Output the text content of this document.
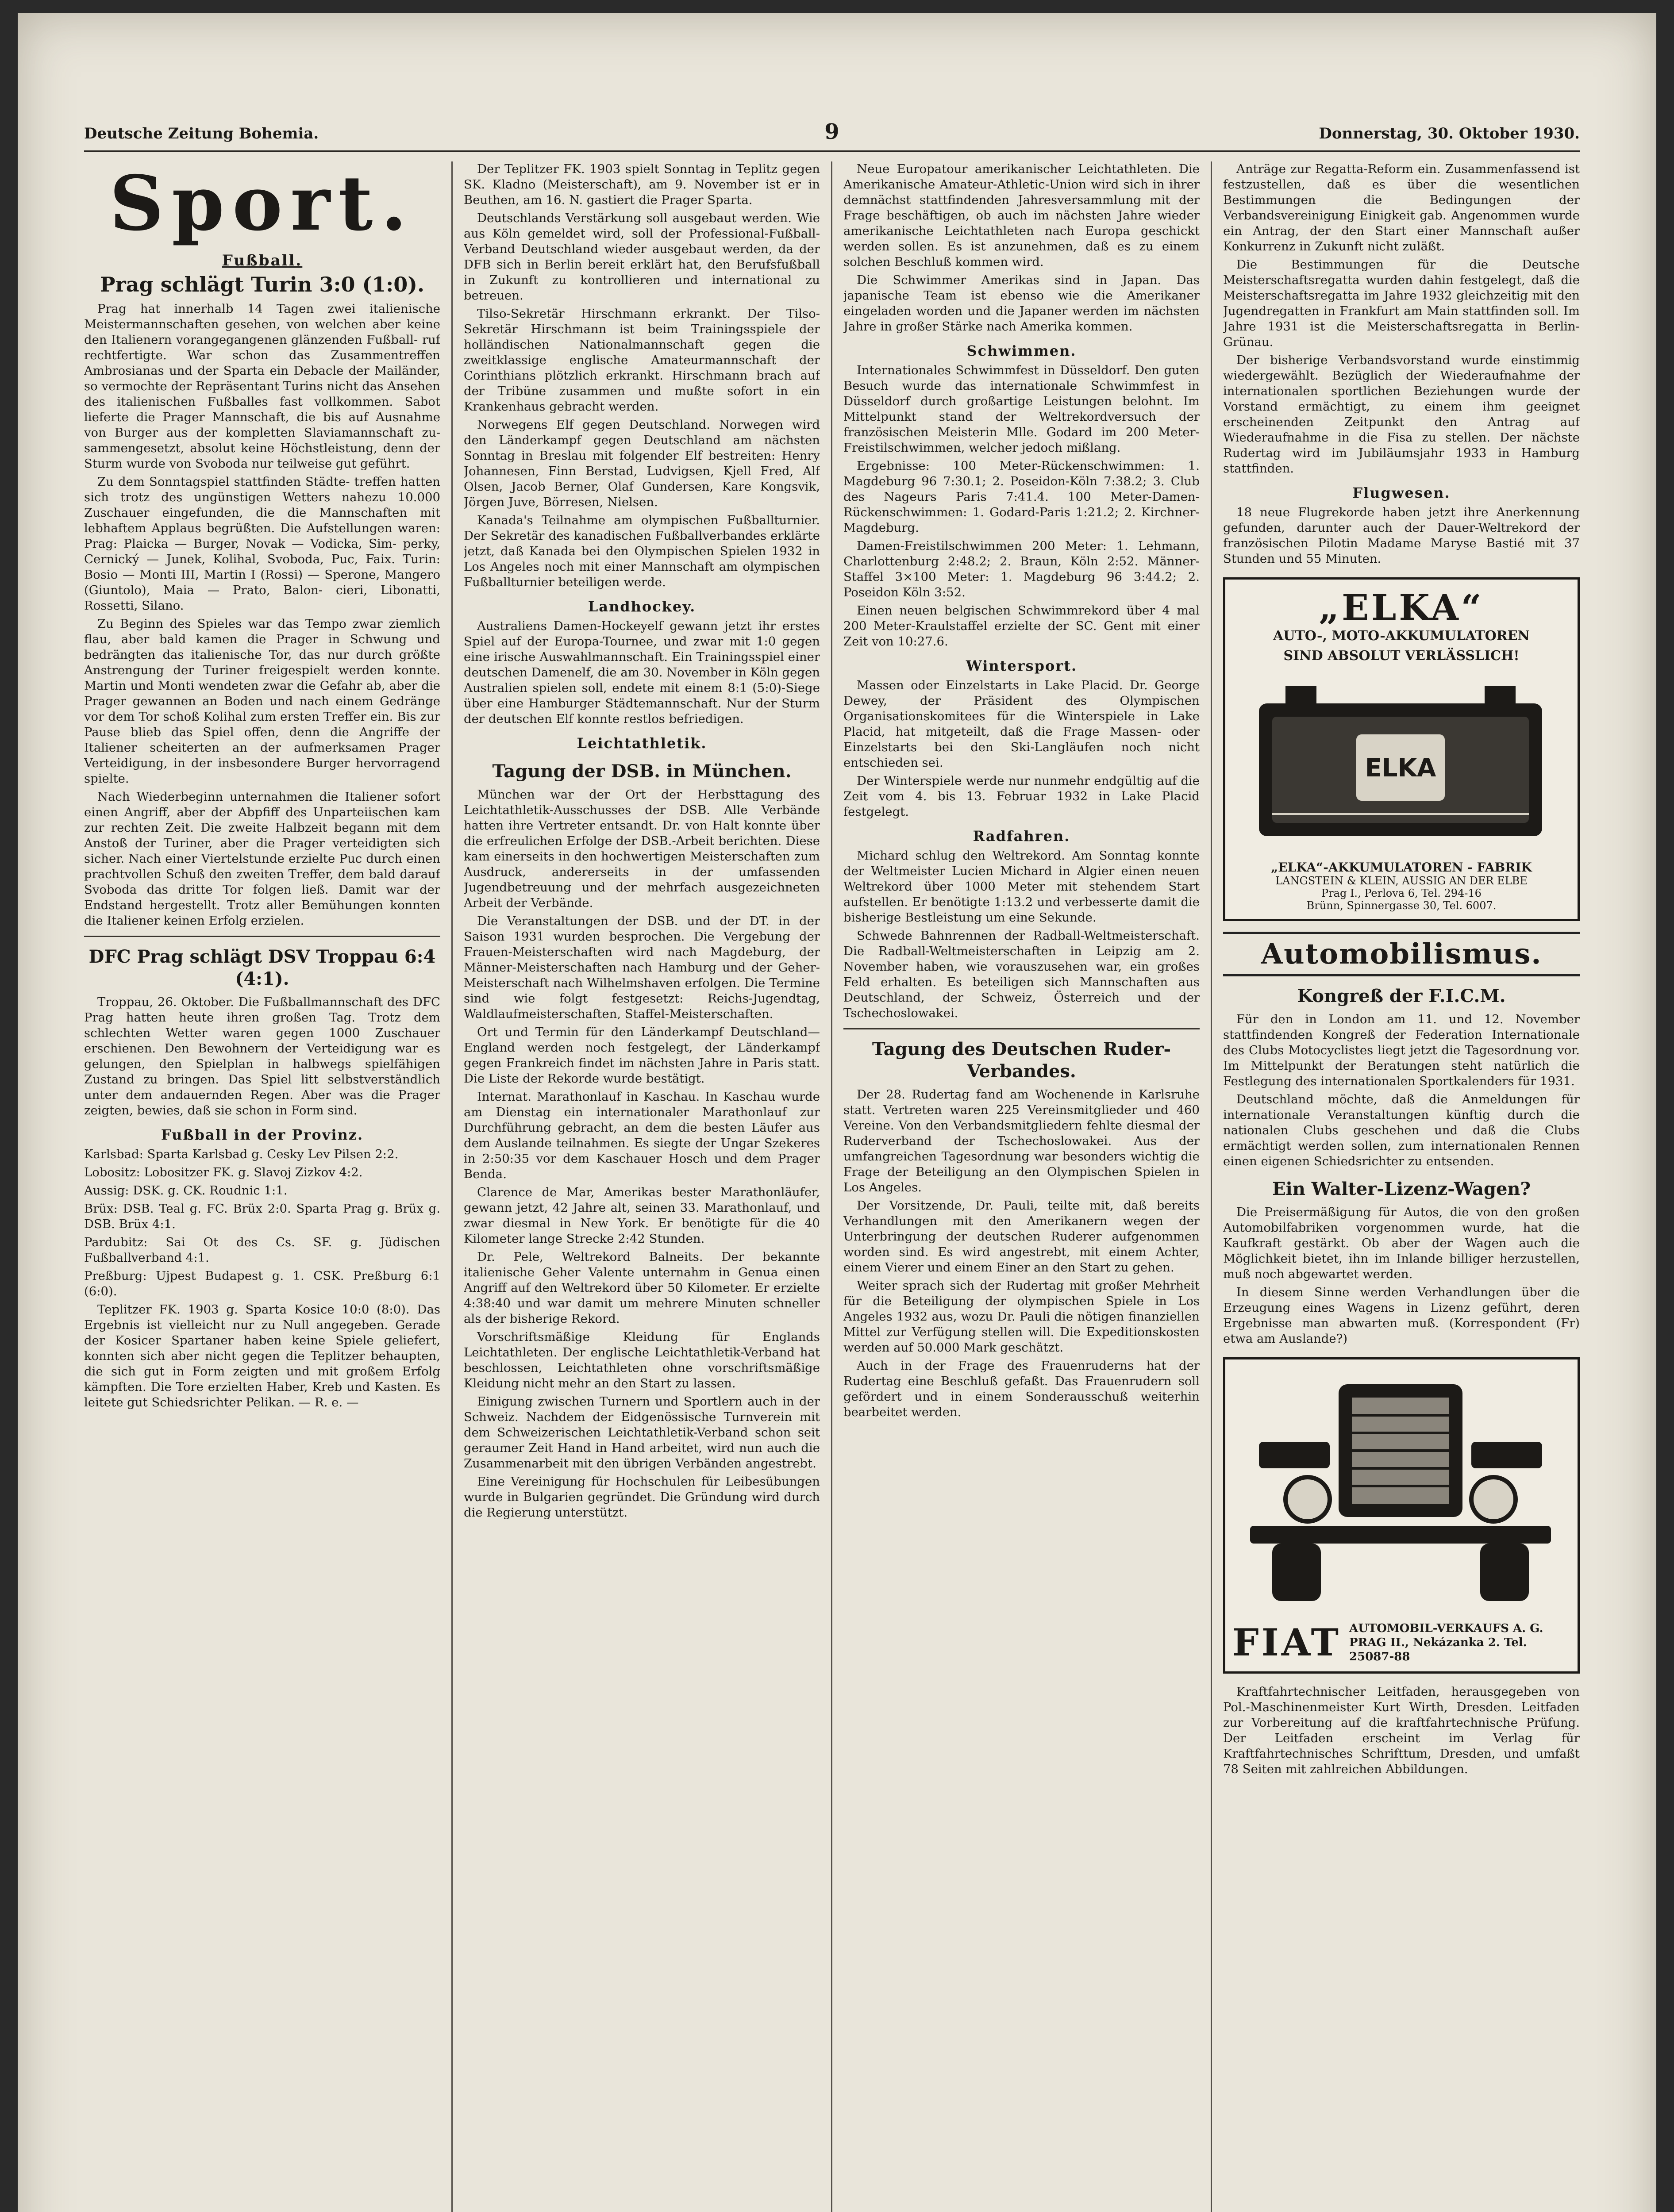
Deutsche Zeitung Bohemia.	9	Donnerstag, 30. Oktober 1930.
Sport.
Fußball.
Prag schlägt Turin 3:0 (1:0).

Prag hat innerhalb 14 Tagen zwei italienische Meistermannschaften gesehen, von welchen aber keine den Italienern vorangegangenen glänzenden Fußball- ruf rechtfertigte. War schon das Zusammentreffen Ambrosianas und der Sparta ein Debacle der Mailänder, so vermochte der Repräsentant Turins nicht das Ansehen des italienischen Fußballes fast vollkommen. Sabot lieferte die Prager Mannschaft, die bis auf Ausnahme von Burger aus der kompletten Slaviamannschaft zu- sammengesetzt, absolut keine Höchstleistung, denn der Sturm wurde von Svoboda nur teilweise gut geführt.

Zu dem Sonntagspiel stattfinden Städte- treffen hatten sich trotz des ungünstigen Wetters nahezu 10.000 Zuschauer eingefunden, die die Mannschaften mit lebhaftem Applaus begrüßten. Die Aufstellungen waren: Prag: Plaicka — Burger, Novak — Vodicka, Sim- perky, Cernický — Junek, Kolihal, Svoboda, Puc, Faix. Turin: Bosio — Monti III, Martin I (Rossi) — Sperone, Mangero (Giuntolo), Maia — Prato, Balon- cieri, Libonatti, Rossetti, Silano.

Zu Beginn des Spieles war das Tempo zwar ziemlich flau, aber bald kamen die Prager in Schwung und bedrängten das italienische Tor, das nur durch größte Anstrengung der Turiner freigespielt werden konnte. Martin und Monti wendeten zwar die Gefahr ab, aber die Prager gewannen an Boden und nach einem Gedränge vor dem Tor schoß Kolihal zum ersten Treffer ein. Bis zur Pause blieb das Spiel offen, denn die Angriffe der Italiener scheiterten an der aufmerksamen Prager Verteidigung, in der insbesondere Burger hervorragend spielte.

Nach Wiederbeginn unternahmen die Italiener sofort einen Angriff, aber der Abpfiff des Unparteiischen kam zur rechten Zeit. Die zweite Halbzeit begann mit dem Anstoß der Turiner, aber die Prager verteidigten sich sicher. Nach einer Viertelstunde erzielte Puc durch einen prachtvollen Schuß den zweiten Treffer, dem bald darauf Svoboda das dritte Tor folgen ließ. Damit war der Endstand hergestellt. Trotz aller Bemühungen konnten die Italiener keinen Erfolg erzielen.

DFC Prag schlägt DSV Troppau 6:4 (4:1).

Troppau, 26. Oktober. Die Fußballmannschaft des DFC Prag hatten heute ihren großen Tag. Trotz dem schlechten Wetter waren gegen 1000 Zuschauer erschienen. Den Bewohnern der Verteidigung war es gelungen, den Spielplan in halbwegs spielfähigen Zustand zu bringen. Das Spiel litt selbstverständlich unter dem andauernden Regen. Aber was die Prager zeigten, bewies, daß sie schon in Form sind.

Fußball in der Provinz.

Karlsbad: Sparta Karlsbad g. Cesky Lev Pilsen 2:2.

Lobositz: Lobositzer FK. g. Slavoj Zizkov 4:2.

Aussig: DSK. g. CK. Roudnic 1:1.

Brüx: DSB. Teal g. FC. Brüx 2:0. Sparta Prag g. Brüx g. DSB. Brüx 4:1.

Pardubitz: Sai Ot des Cs. SF. g. Jüdischen Fußballverband 4:1.

Preßburg: Ujpest Budapest g. 1. CSK. Preßburg 6:1 (6:0).

Teplitzer FK. 1903 g. Sparta Kosice 10:0 (8:0). Das Ergebnis ist vielleicht nur zu Null angegeben. Gerade der Kosicer Spartaner haben keine Spiele geliefert, konnten sich aber nicht gegen die Teplitzer behaupten, die sich gut in Form zeigten und mit großem Erfolg kämpften. Die Tore erzielten Haber, Kreb und Kasten. Es leitete gut Schiedsrichter Pelikan. — R. e. —

Der Teplitzer FK. 1903 spielt Sonntag in Teplitz gegen SK. Kladno (Meisterschaft), am 9. November ist er in Beuthen, am 16. N. gastiert die Prager Sparta.

Deutschlands Verstärkung soll ausgebaut werden. Wie aus Köln gemeldet wird, soll der Professional-Fußball-Verband Deutschland wieder ausgebaut werden, da der DFB sich in Berlin bereit erklärt hat, den Berufsfußball in Zukunft zu kontrollieren und international zu betreuen.

Tilso-Sekretär Hirschmann erkrankt. Der Tilso-Sekretär Hirschmann ist beim Trainingsspiele der holländischen Nationalmannschaft gegen die zweitklassige englische Amateurmannschaft der Corinthians plötzlich erkrankt. Hirschmann brach auf der Tribüne zusammen und mußte sofort in ein Krankenhaus gebracht werden.

Norwegens Elf gegen Deutschland. Norwegen wird den Länderkampf gegen Deutschland am nächsten Sonntag in Breslau mit folgender Elf bestreiten: Henry Johannesen, Finn Berstad, Ludvigsen, Kjell Fred, Alf Olsen, Jacob Berner, Olaf Gundersen, Kare Kongsvik, Jörgen Juve, Börresen, Nielsen.

Kanada's Teilnahme am olympischen Fußballturnier. Der Sekretär des kanadischen Fußballverbandes erklärte jetzt, daß Kanada bei den Olympischen Spielen 1932 in Los Angeles noch mit einer Mannschaft am olympischen Fußballturnier beteiligen werde.

Landhockey.

Australiens Damen-Hockeyelf gewann jetzt ihr erstes Spiel auf der Europa-Tournee, und zwar mit 1:0 gegen eine irische Auswahlmannschaft. Ein Trainingsspiel einer deutschen Damenelf, die am 30. November in Köln gegen Australien spielen soll, endete mit einem 8:1 (5:0)-Siege über eine Hamburger Städtemannschaft. Nur der Sturm der deutschen Elf konnte restlos befriedigen.

Leichtathletik.
Tagung der DSB. in München.

München war der Ort der Herbsttagung des Leichtathletik-Ausschusses der DSB. Alle Verbände hatten ihre Vertreter entsandt. Dr. von Halt konnte über die erfreulichen Erfolge der DSB.-Arbeit berichten. Diese kam einerseits in den hochwertigen Meisterschaften zum Ausdruck, andererseits in der umfassenden Jugendbetreuung und der mehrfach ausgezeichneten Arbeit der Verbände.

Die Veranstaltungen der DSB. und der DT. in der Saison 1931 wurden besprochen. Die Vergebung der Frauen-Meisterschaften wird nach Magdeburg, der Männer-Meisterschaften nach Hamburg und der Geher-Meisterschaft nach Wilhelmshaven erfolgen. Die Termine sind wie folgt festgesetzt: Reichs-Jugendtag, Waldlaufmeisterschaften, Staffel-Meisterschaften.

Ort und Termin für den Länderkampf Deutschland—England werden noch festgelegt, der Länderkampf gegen Frankreich findet im nächsten Jahre in Paris statt. Die Liste der Rekorde wurde bestätigt.

Internat. Marathonlauf in Kaschau. In Kaschau wurde am Dienstag ein internationaler Marathonlauf zur Durchführung gebracht, an dem die besten Läufer aus dem Auslande teilnahmen. Es siegte der Ungar Szekeres in 2:50:35 vor dem Kaschauer Hosch und dem Prager Benda.

Clarence de Mar, Amerikas bester Marathonläufer, gewann jetzt, 42 Jahre alt, seinen 33. Marathonlauf, und zwar diesmal in New York. Er benötigte für die 40 Kilometer lange Strecke 2:42 Stunden.

Dr. Pele, Weltrekord Balneits. Der bekannte italienische Geher Valente unternahm in Genua einen Angriff auf den Weltrekord über 50 Kilometer. Er erzielte 4:38:40 und war damit um mehrere Minuten schneller als der bisherige Rekord.

Vorschriftsmäßige Kleidung für Englands Leichtathleten. Der englische Leichtathletik-Verband hat beschlossen, Leichtathleten ohne vorschriftsmäßige Kleidung nicht mehr an den Start zu lassen.

Einigung zwischen Turnern und Sportlern auch in der Schweiz. Nachdem der Eidgenössische Turnverein mit dem Schweizerischen Leichtathletik-Verband schon seit geraumer Zeit Hand in Hand arbeitet, wird nun auch die Zusammenarbeit mit den übrigen Verbänden angestrebt.

Eine Vereinigung für Hochschulen für Leibesübungen wurde in Bulgarien gegründet. Die Gründung wird durch die Regierung unterstützt.

Neue Europatour amerikanischer Leichtathleten. Die Amerikanische Amateur-Athletic-Union wird sich in ihrer demnächst stattfindenden Jahresversammlung mit der Frage beschäftigen, ob auch im nächsten Jahre wieder amerikanische Leichtathleten nach Europa geschickt werden sollen. Es ist anzunehmen, daß es zu einem solchen Beschluß kommen wird.

Die Schwimmer Amerikas sind in Japan. Das japanische Team ist ebenso wie die Amerikaner eingeladen worden und die Japaner werden im nächsten Jahre in großer Stärke nach Amerika kommen.

Schwimmen.

Internationales Schwimmfest in Düsseldorf. Den guten Besuch wurde das internationale Schwimmfest in Düsseldorf durch großartige Leistungen belohnt. Im Mittelpunkt stand der Weltrekordversuch der französischen Meisterin Mlle. Godard im 200 Meter-Freistilschwimmen, welcher jedoch mißlang.

Ergebnisse: 100 Meter-Rückenschwimmen: 1. Magdeburg 96 7:30.1; 2. Poseidon-Köln 7:38.2; 3. Club des Nageurs Paris 7:41.4. 100 Meter-Damen-Rückenschwimmen: 1. Godard-Paris 1:21.2; 2. Kirchner-Magdeburg.

Damen-Freistilschwimmen 200 Meter: 1. Lehmann, Charlottenburg 2:48.2; 2. Braun, Köln 2:52. Männer-Staffel 3×100 Meter: 1. Magdeburg 96 3:44.2; 2. Poseidon Köln 3:52.

Einen neuen belgischen Schwimmrekord über 4 mal 200 Meter-Kraulstaffel erzielte der SC. Gent mit einer Zeit von 10:27.6.

Wintersport.

Massen oder Einzelstarts in Lake Placid. Dr. George Dewey, der Präsident des Olympischen Organisationskomitees für die Winterspiele in Lake Placid, hat mitgeteilt, daß die Frage Massen- oder Einzelstarts bei den Ski-Langläufen noch nicht entschieden sei.

Der Winterspiele werde nur nunmehr endgültig auf die Zeit vom 4. bis 13. Februar 1932 in Lake Placid festgelegt.

Radfahren.

Michard schlug den Weltrekord. Am Sonntag konnte der Weltmeister Lucien Michard in Algier einen neuen Weltrekord über 1000 Meter mit stehendem Start aufstellen. Er benötigte 1:13.2 und verbesserte damit die bisherige Bestleistung um eine Sekunde.

Schwede Bahnrennen der Radball-Weltmeisterschaft. Die Radball-Weltmeisterschaften in Leipzig am 2. November haben, wie vorauszusehen war, ein großes Feld erhalten. Es beteiligen sich Mannschaften aus Deutschland, der Schweiz, Österreich und der Tschechoslowakei.

Tagung des Deutschen Ruder-Verbandes.

Der 28. Rudertag fand am Wochenende in Karlsruhe statt. Vertreten waren 225 Vereinsmitglieder und 460 Vereine. Von den Verbandsmitgliedern fehlte diesmal der Ruderverband der Tschechoslowakei. Aus der umfangreichen Tagesordnung war besonders wichtig die Frage der Beteiligung an den Olympischen Spielen in Los Angeles.

Der Vorsitzende, Dr. Pauli, teilte mit, daß bereits Verhandlungen mit den Amerikanern wegen der Unterbringung der deutschen Ruderer aufgenommen worden sind. Es wird angestrebt, mit einem Achter, einem Vierer und einem Einer an den Start zu gehen.

Weiter sprach sich der Rudertag mit großer Mehrheit für die Beteiligung der olympischen Spiele in Los Angeles 1932 aus, wozu Dr. Pauli die nötigen finanziellen Mittel zur Verfügung stellen will. Die Expeditionskosten werden auf 50.000 Mark geschätzt.

Auch in der Frage des Frauenruderns hat der Rudertag eine Beschluß gefaßt. Das Frauenrudern soll gefördert und in einem Sonderausschuß weiterhin bearbeitet werden.

Anträge zur Regatta-Reform ein. Zusammenfassend ist festzustellen, daß es über die wesentlichen Bestimmungen die Bedingungen der Verbandsvereinigung Einigkeit gab. Angenommen wurde ein Antrag, der den Start einer Mannschaft außer Konkurrenz in Zukunft nicht zuläßt.

Die Bestimmungen für die Deutsche Meisterschaftsregatta wurden dahin festgelegt, daß die Meisterschaftsregatta im Jahre 1932 gleichzeitig mit den Jugendregatten in Frankfurt am Main stattfinden soll. Im Jahre 1931 ist die Meisterschaftsregatta in Berlin-Grünau.

Der bisherige Verbandsvorstand wurde einstimmig wiedergewählt. Bezüglich der Wiederaufnahme der internationalen sportlichen Beziehungen wurde der Vorstand ermächtigt, zu einem ihm geeignet erscheinenden Zeitpunkt den Antrag auf Wiederaufnahme in die Fisa zu stellen. Der nächste Rudertag wird im Jubiläumsjahr 1933 in Hamburg stattfinden.

Flugwesen.

18 neue Flugrekorde haben jetzt ihre Anerkennung gefunden, darunter auch der Dauer-Weltrekord der französischen Pilotin Madame Maryse Bastié mit 37 Stunden und 55 Minuten.

„ELKA“
AUTO-, MOTO-AKKUMULATOREN
SIND ABSOLUT VERLÄSSLICH!
ELKA
„ELKA“-AKKUMULATOREN - FABRIK
LANGSTEIN & KLEIN, AUSSIG AN DER ELBE
Prag I., Perlova 6, Tel. 294-16
Brünn, Spinnergasse 30, Tel. 6007.
Automobilismus.
Kongreß der F.I.C.M.

Für den in London am 11. und 12. November stattfindenden Kongreß der Federation Internationale des Clubs Motocyclistes liegt jetzt die Tagesordnung vor. Im Mittelpunkt der Beratungen steht natürlich die Festlegung des internationalen Sportkalenders für 1931.

Deutschland möchte, daß die Anmeldungen für internationale Veranstaltungen künftig durch die nationalen Clubs geschehen und daß die Clubs ermächtigt werden sollen, zum internationalen Rennen einen eigenen Schiedsrichter zu entsenden.

Ein Walter-Lizenz-Wagen?

Die Preisermäßigung für Autos, die von den großen Automobilfabriken vorgenommen wurde, hat die Kaufkraft gestärkt. Ob aber der Wagen auch die Möglichkeit bietet, ihn im Inlande billiger herzustellen, muß noch abgewartet werden.

In diesem Sinne werden Verhandlungen über die Erzeugung eines Wagens in Lizenz geführt, deren Ergebnisse man abwarten muß. (Korrespondent (Fr) etwa am Auslande?)

FIAT AUTOMOBIL-VERKAUFS A. G.
PRAG II., Nekázanka 2. Tel. 25087-88

Kraftfahrtechnischer Leitfaden, herausgegeben von Pol.-Maschinenmeister Kurt Wirth, Dresden. Leitfaden zur Vorbereitung auf die kraftfahrtechnische Prüfung. Der Leitfaden erscheint im Verlag für Kraftfahrtechnisches Schrifttum, Dresden, und umfaßt 78 Seiten mit zahlreichen Abbildungen.
